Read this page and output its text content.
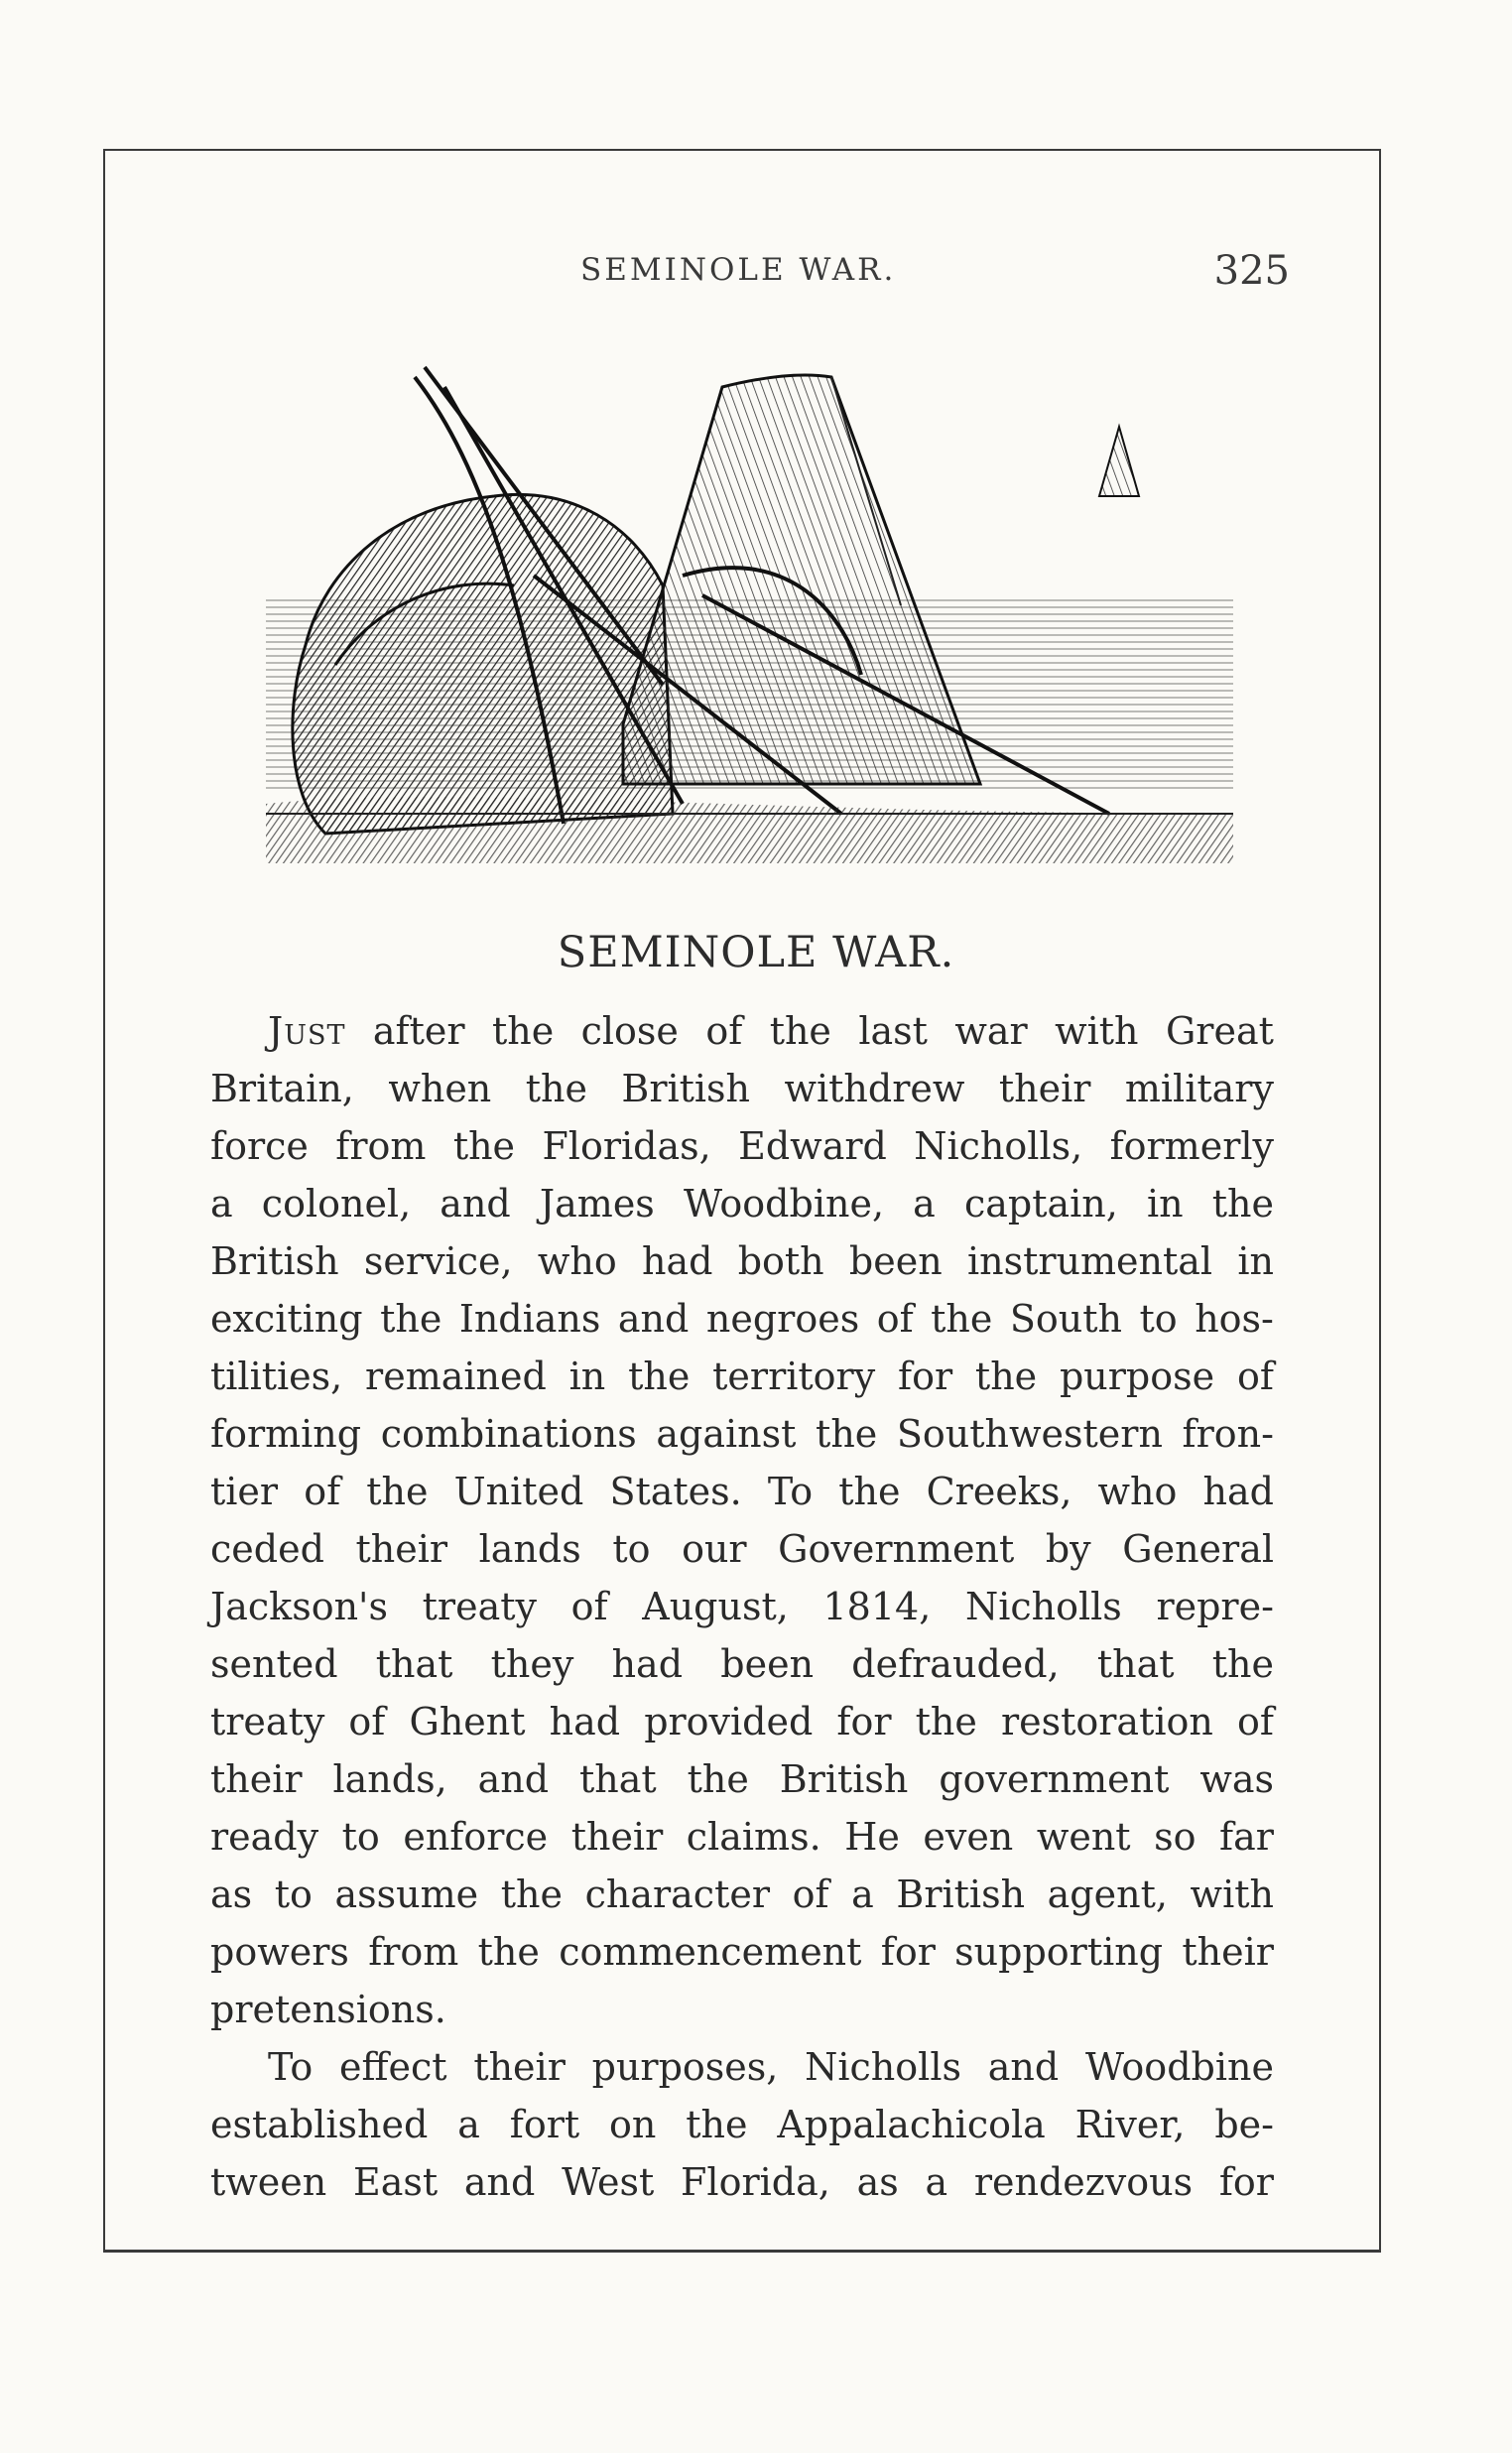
SEMINOLE WAR.	325
SEMINOLE WAR.
Just after the close of the last war with Great
Britain, when the British withdrew their military
force from the Floridas, Edward Nicholls, formerly
a colonel, and James Woodbine, a captain, in the
British service, who had both been instrumental in
exciting the Indians and negroes of the South to hos-
tilities, remained in the territory for the purpose of
forming combinations against the Southwestern fron-
tier of the United States. To the Creeks, who had
ceded their lands to our Government by General
Jackson's treaty of August, 1814, Nicholls repre-
sented that they had been defrauded, that the
treaty of Ghent had provided for the restoration of
their lands, and that the British government was
ready to enforce their claims. He even went so far
as to assume the character of a British agent, with
powers from the commencement for supporting their
pretensions.
To effect their purposes, Nicholls and Woodbine
established a fort on the Appalachicola River, be-
tween East and West Florida, as a rendezvous for
